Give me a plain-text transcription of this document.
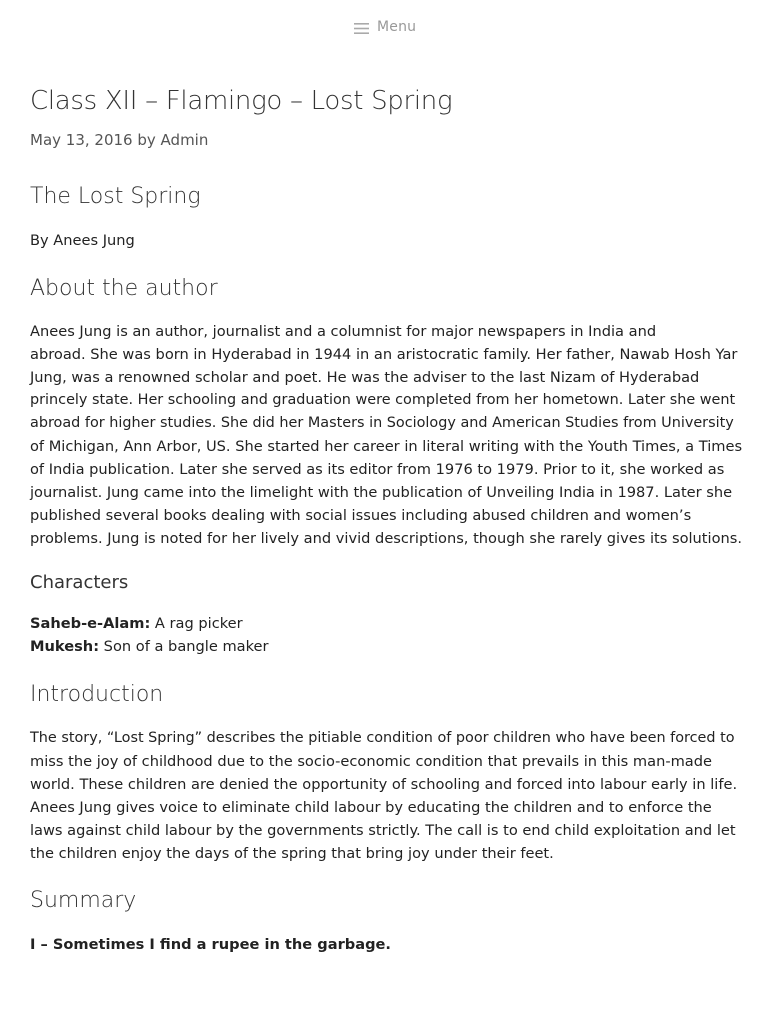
Menu
Class XII – Flamingo – Lost Spring
May 13, 2016 by Admin
The Lost Spring

By Anees Jung

About the author
Anees Jung is an author, journalist and a columnist for major newspapers in India and
abroad. She was born in Hyderabad in 1944 in an aristocratic family. Her father, Nawab Hosh Yar
Jung, was a renowned scholar and poet. He was the adviser to the last Nizam of Hyderabad
princely state. Her schooling and graduation were completed from her hometown. Later she went
abroad for higher studies. She did her Masters in Sociology and American Studies from University
of Michigan, Ann Arbor, US. She started her career in literal writing with the Youth Times, a Times
of India publication. Later she served as its editor from 1976 to 1979. Prior to it, she worked as
journalist. Jung came into the limelight with the publication of Unveiling India in 1987. Later she
published several books dealing with social issues including abused children and women’s
problems. Jung is noted for her lively and vivid descriptions, though she rarely gives its solutions.
Characters
Saheb-e-Alam: A rag picker
Mukesh: Son of a bangle maker
Introduction
The story, “Lost Spring” describes the pitiable condition of poor children who have been forced to
miss the joy of childhood due to the socio-economic condition that prevails in this man-made
world. These children are denied the opportunity of schooling and forced into labour early in life.
Anees Jung gives voice to eliminate child labour by educating the children and to enforce the
laws against child labour by the governments strictly. The call is to end child exploitation and let
the children enjoy the days of the spring that bring joy under their feet.
Summary

I – Sometimes I find a rupee in the garbage.
